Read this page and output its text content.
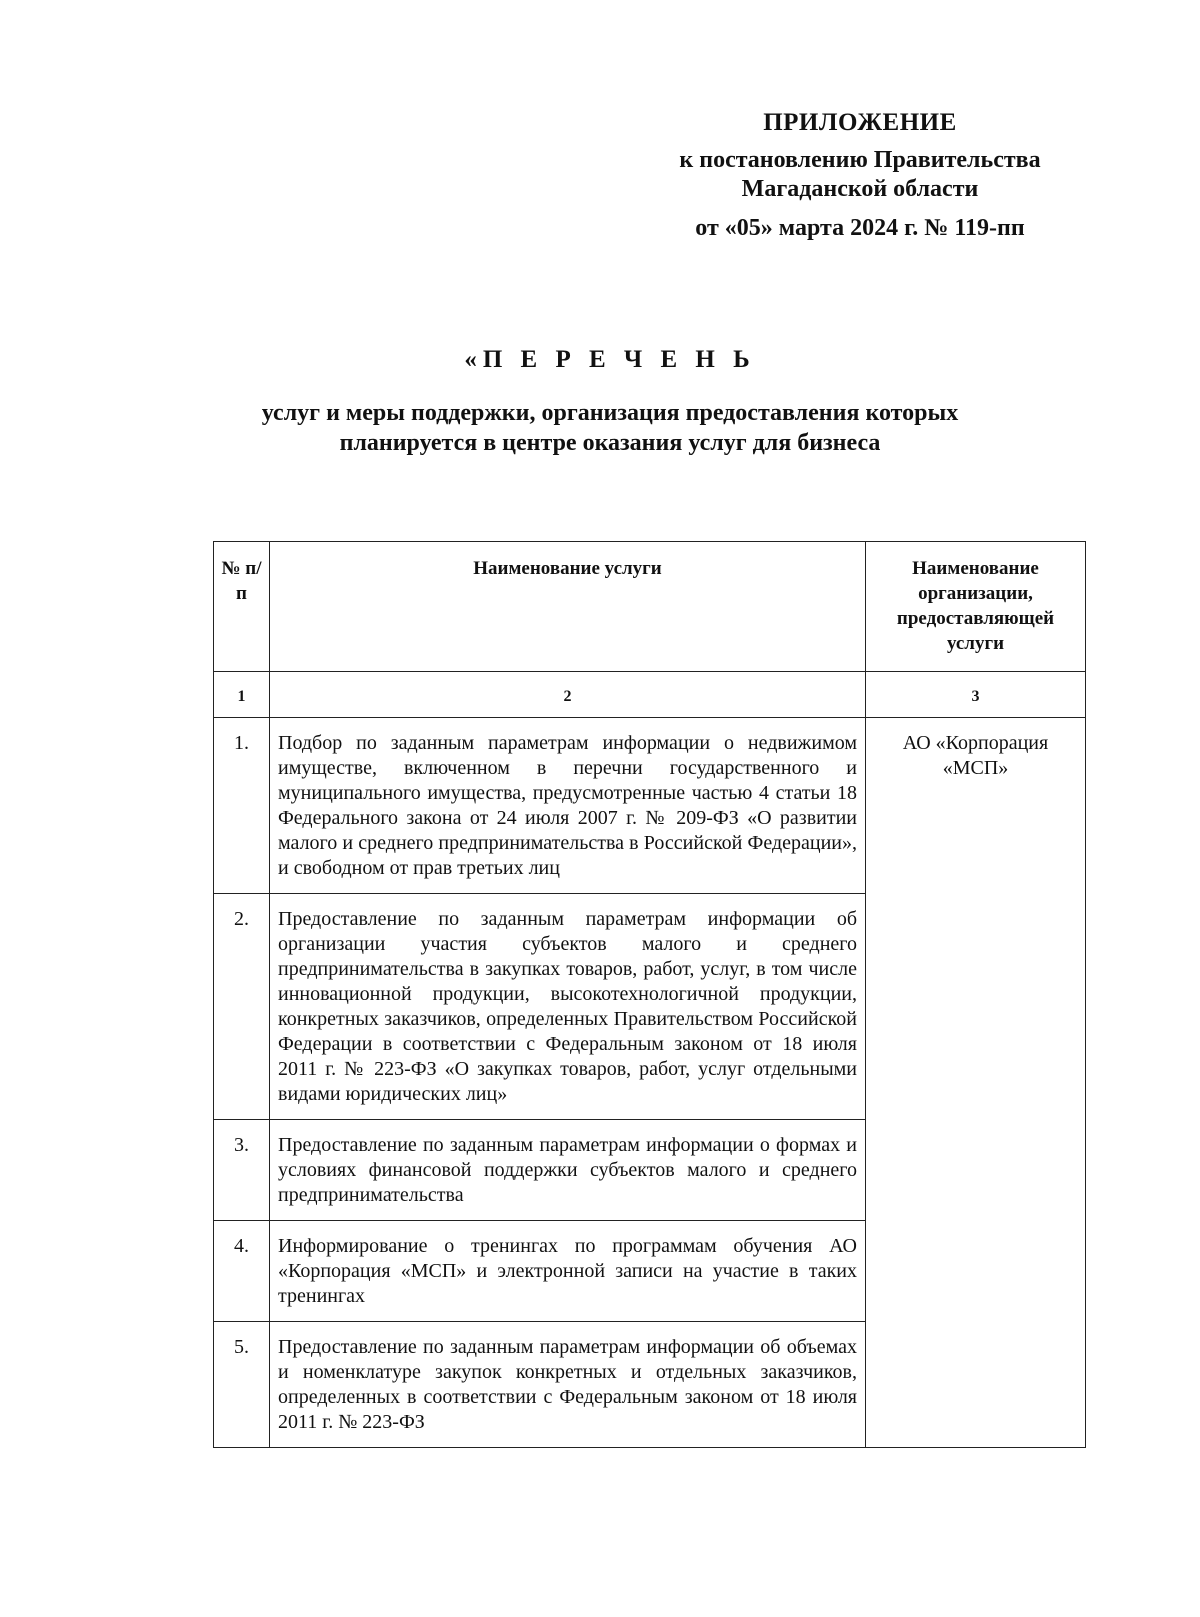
ПРИЛОЖЕНИЕ
к постановлению Правительства
Магаданской области
от «05» марта 2024 г. № 119-пп
«П Е Р Е Ч Е Н Ь
услуг и меры поддержки, организация предоставления которых
планируется в центре оказания услуг для бизнеса
№ п/п	Наименование услуги	Наименование организации, предоставляющей услуги
1	2	3
1.	Подбор по заданным параметрам информации о недвижимом имуществе, включенном в перечни государственного и муниципального имущества, предусмотренные частью 4 статьи 18 Федерального закона от 24 июля 2007 г. № 209-ФЗ «О развитии малого и среднего предпринимательства в Российской Федерации», и свободном от прав третьих лиц	АО «Корпорация «МСП»
2.	Предоставление по заданным параметрам информации об организации участия субъектов малого и среднего предпринимательства в закупках товаров, работ, услуг, в том числе инновационной продукции, высокотехнологичной продукции, конкретных заказчиков, определенных Правительством Российской Федерации в соответствии с Федеральным законом от 18 июля 2011 г. № 223-ФЗ «О закупках товаров, работ, услуг отдельными видами юридических лиц»	
3.	Предоставление по заданным параметрам информации о формах и условиях финансовой поддержки субъектов малого и среднего предпринимательства	
4.	Информирование о тренингах по программам обучения АО «Корпорация «МСП» и электронной записи на участие в таких тренингах	
5.	Предоставление по заданным параметрам информации об объемах и номенклатуре закупок конкретных и отдельных заказчиков, определенных в соответствии с Федеральным законом от 18 июля 2011 г. № 223-ФЗ	
